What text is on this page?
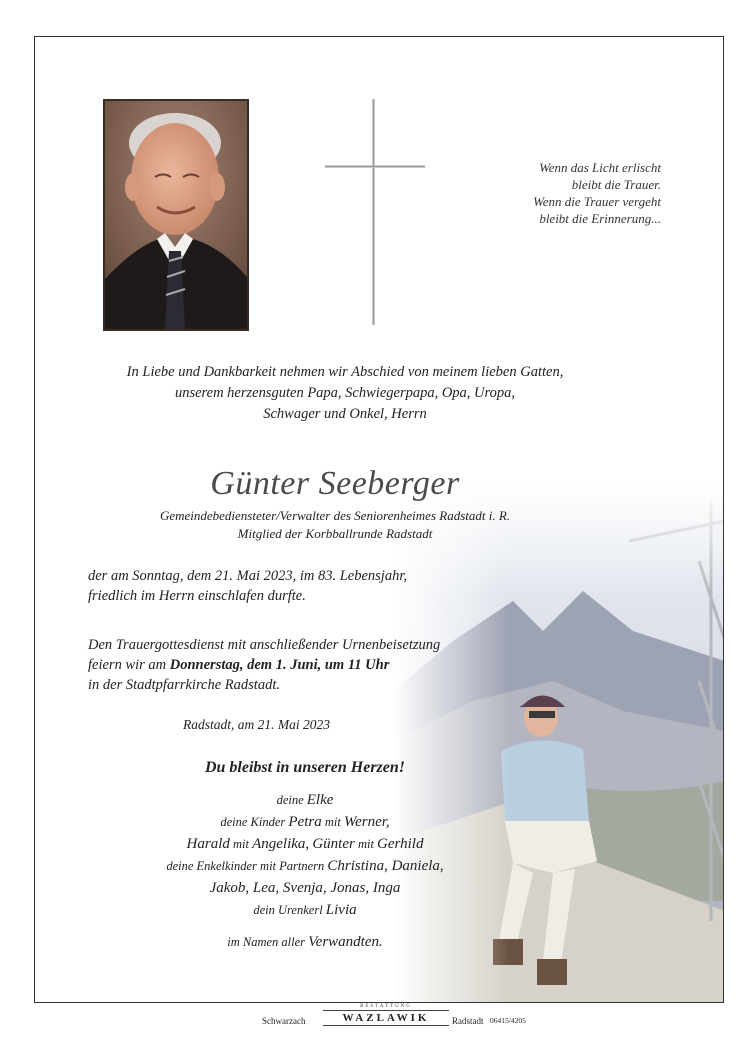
Wenn das Licht erlischt
bleibt die Trauer.
Wenn die Trauer vergeht
bleibt die Erinnerung...
In Liebe und Dankbarkeit nehmen wir Abschied von meinem lieben Gatten,
unserem herzensguten Papa, Schwiegerpapa, Opa, Uropa,
Schwager und Onkel, Herrn
Günter Seeberger
Gemeindebediensteter/Verwalter des Seniorenheimes Radstadt i. R.
Mitglied der Korbballrunde Radstadt
der am Sonntag, dem 21. Mai 2023, im 83. Lebensjahr,
friedlich im Herrn einschlafen durfte.
Den Trauergottesdienst mit anschließender Urnenbeisetzung
feiern wir am Donnerstag, dem 1. Juni, um 11 Uhr
in der Stadtpfarrkirche Radstadt.
Radstadt, am 21. Mai 2023
Du bleibst in unseren Herzen!
deine Elke
deine Kinder Petra mit Werner,
Harald mit Angelika, Günter mit Gerhild
deine Enkelkinder mit Partnern Christina, Daniela,
Jakob, Lea, Svenja, Jonas, Inga
dein Urenkerl Livia
im Namen aller Verwandten.
Schwarzach
BESTATTUNG
WAZLAWIK	Radstadt 06415/4205
